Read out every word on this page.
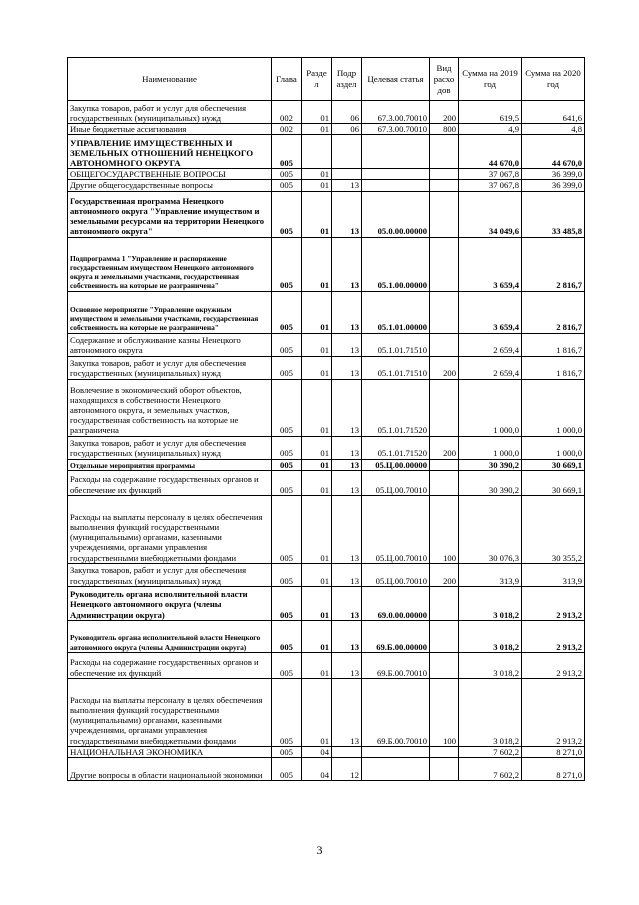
Наименование	Глава	Разде л	Подр аздел	Целевая статья	Вид расхо дов	Сумма на 2019 год	Сумма на 2020 год
Закупка товаров, работ и услуг для обеспечения государственных (муниципальных) нужд	002	01	06	67.3.00.70010	200	619,5	641,6
Иные бюджетные ассигнования	002	01	06	67.3.00.70010	800	4,9	4,8
УПРАВЛЕНИЕ ИМУЩЕСТВЕННЫХ И ЗЕМЕЛЬНЫХ ОТНОШЕНИЙ НЕНЕЦКОГО АВТОНОМНОГО ОКРУГА	005					44 670,0	44 670,0
ОБЩЕГОСУДАРСТВЕННЫЕ ВОПРОСЫ	005	01				37 067,8	36 399,0
Другие общегосударственные вопросы	005	01	13			37 067,8	36 399,0
Государственная программа Ненецкого автономного округа "Управление имуществом и земельными ресурсами на территории Ненецкого автономного округа"	005	01	13	05.0.00.00000		34 049,6	33 485,8
Подпрограмма 1 "Управление и распоряжение государственным имуществом Ненецкого автономного округа и земельными участками, государственная собственность на которые не разграничена"	005	01	13	05.1.00.00000		3 659,4	2 816,7
Основное мероприятие "Управление окружным имуществом и земельными участками, государственная собственность на которые не разграничена"	005	01	13	05.1.01.00000		3 659,4	2 816,7
Содержание и обслуживание казны Ненецкого автономного округа	005	01	13	05.1.01.71510		2 659,4	1 816,7
Закупка товаров, работ и услуг для обеспечения государственных (муниципальных) нужд	005	01	13	05.1.01.71510	200	2 659,4	1 816,7
Вовлечение в экономический оборот объектов, находящихся в собственности Ненецкого автономного округа, и земельных участков, государственная собственность на которые не разграничена	005	01	13	05.1.01.71520		1 000,0	1 000,0
Закупка товаров, работ и услуг для обеспечения государственных (муниципальных) нужд	005	01	13	05.1.01.71520	200	1 000,0	1 000,0
Отдельные мероприятия программы	005	01	13	05.Ц.00.00000		30 390,2	30 669,1
Расходы на содержание государственных органов и обеспечение их функций	005	01	13	05.Ц.00.70010		30 390,2	30 669,1
Расходы на выплаты персоналу в целях обеспечения выполнения функций государственными (муниципальными) органами, казенными учреждениями, органами управления государственными внебюджетными фондами	005	01	13	05.Ц.00.70010	100	30 076,3	30 355,2
Закупка товаров, работ и услуг для обеспечения государственных (муниципальных) нужд	005	01	13	05.Ц.00.70010	200	313,9	313,9
Руководитель органа исполнительной власти Ненецкого автономного округа (члены Администрации округа)	005	01	13	69.0.00.00000		3 018,2	2 913,2
Руководитель органа исполнительной власти Ненецкого автономного округа (члены Администрации округа)	005	01	13	69.Б.00.00000		3 018,2	2 913,2
Расходы на содержание государственных органов и обеспечение их функций	005	01	13	69.Б.00.70010		3 018,2	2 913,2
Расходы на выплаты персоналу в целях обеспечения выполнения функций государственными (муниципальными) органами, казенными учреждениями, органами управления государственными внебюджетными фондами	005	01	13	69.Б.00.70010	100	3 018,2	2 913,2
НАЦИОНАЛЬНАЯ ЭКОНОМИКА	005	04				7 602,2	8 271,0
Другие вопросы в области национальной экономики	005	04	12			7 602,2	8 271,0
3
